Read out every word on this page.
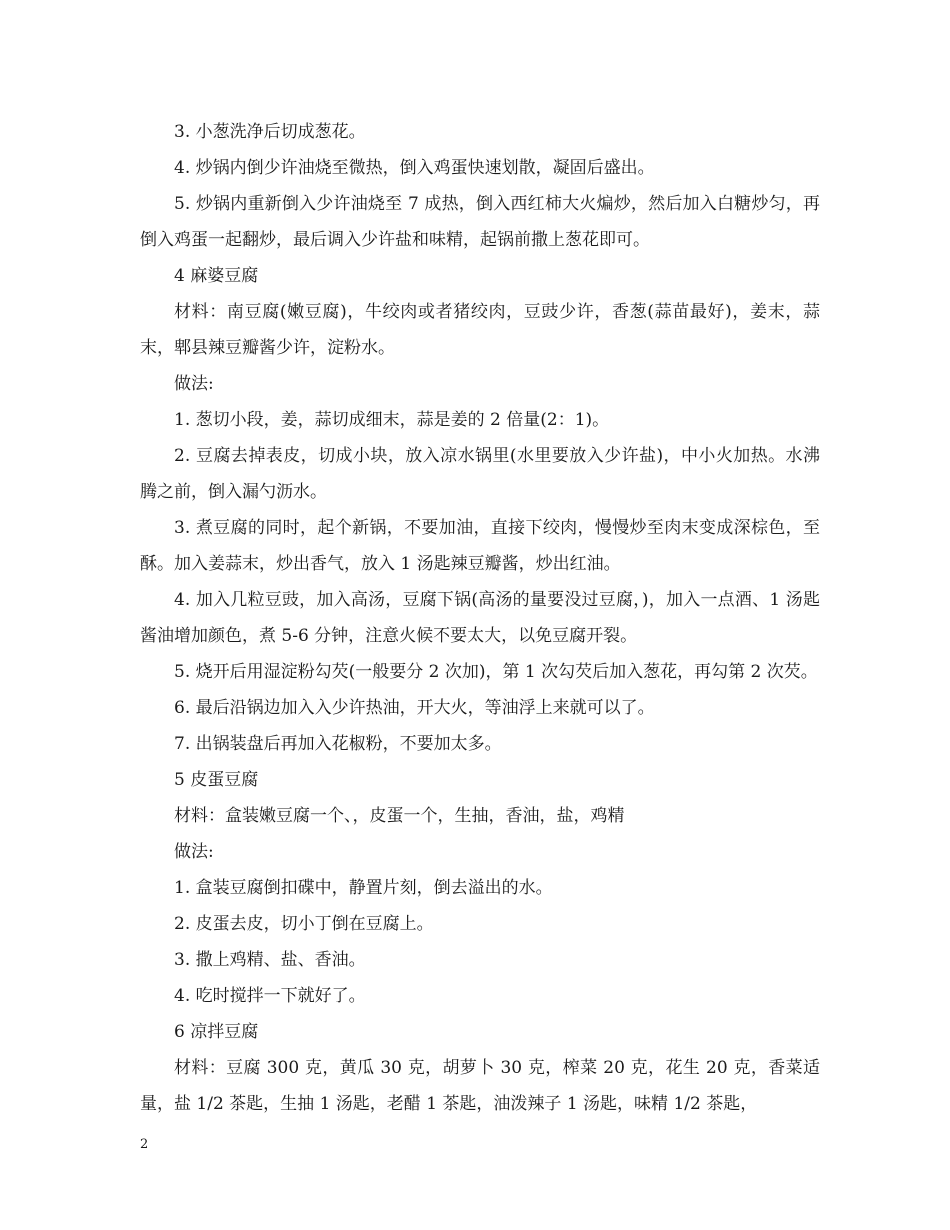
3. 小葱洗净后切成葱花。

4. 炒锅内倒少许油烧至微热，倒入鸡蛋快速划散，凝固后盛出。

5. 炒锅内重新倒入少许油烧至 7 成热，倒入西红柿大火煸炒，然后加入白糖炒匀，再倒入鸡蛋一起翻炒，最后调入少许盐和味精，起锅前撒上葱花即可。

4 麻婆豆腐

材料：南豆腐(嫩豆腐)，牛绞肉或者猪绞肉，豆豉少许，香葱(蒜苗最好)，姜末，蒜末，郫县辣豆瓣酱少许，淀粉水。

做法:

1. 葱切小段，姜，蒜切成细末，蒜是姜的 2 倍量(2：1)。

2. 豆腐去掉表皮，切成小块，放入凉水锅里(水里要放入少许盐)，中小火加热。水沸腾之前，倒入漏勺沥水。

3. 煮豆腐的同时，起个新锅，不要加油，直接下绞肉，慢慢炒至肉末变成深棕色，至酥。加入姜蒜末，炒出香气，放入 1 汤匙辣豆瓣酱，炒出红油。

4. 加入几粒豆豉，加入高汤，豆腐下锅(高汤的量要没过豆腐，)，加入一点酒、1 汤匙酱油增加颜色，煮 5-6 分钟，注意火候不要太大，以免豆腐开裂。

5. 烧开后用湿淀粉勾芡(一般要分 2 次加)，第 1 次勾芡后加入葱花，再勾第 2 次芡。

6. 最后沿锅边加入入少许热油，开大火，等油浮上来就可以了。

7. 出锅装盘后再加入花椒粉，不要加太多。

5 皮蛋豆腐

材料：盒装嫩豆腐一个、，皮蛋一个，生抽，香油，盐，鸡精

做法:

1. 盒装豆腐倒扣碟中，静置片刻，倒去溢出的水。

2. 皮蛋去皮，切小丁倒在豆腐上。

3. 撒上鸡精、盐、香油。

4. 吃时搅拌一下就好了。

6 凉拌豆腐

材料：豆腐 300 克，黄瓜 30 克，胡萝卜 30 克，榨菜 20 克，花生 20 克，香菜适量，盐 1/2 茶匙，生抽 1 汤匙，老醋 1 茶匙，油泼辣子 1 汤匙，味精 1/2 茶匙，

2
